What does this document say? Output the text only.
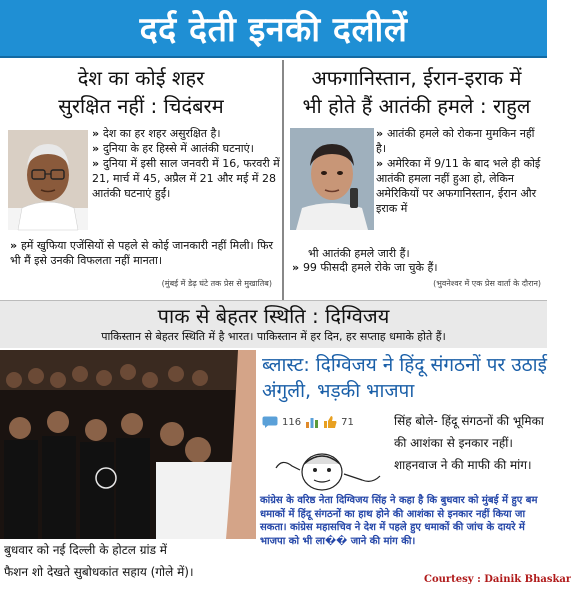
दर्द देती इनकी दलीलें
देश का कोई शहर
सुरक्षित नहीं : चिदंबरम
» देश का हर शहर असुरक्षित है।
» दुनिया के हर हिस्से में आतंकी घटनाएं।
» दुनिया में इसी साल जनवरी में 16, फरवरी में 21, मार्च में 45, अप्रैल में 21 और मई में 28 आतंकी घटनाएं हुईं।
» हमें खुफिया एजेंसियों से पहले से कोई जानकारी नहीं मिली। फिर भी मैं इसे उनकी विफलता नहीं मानता।
(मुंबई में डेढ़ घंटे तक प्रेस से मुखातिब)
अफगानिस्तान, ईरान-इराक में
भी होते हैं आतंकी हमले : राहुल
» आतंकी हमले को रोकना मुमकिन नहीं है।
» अमेरिका में 9/11 के बाद भले ही कोई आतंकी हमला नहीं हुआ हो, लेकिन अमेरिकियों पर अफगानिस्तान, ईरान और इराक में
भी आतंकी हमले जारी हैं।
» 99 फीसदी हमले रोके जा चुके हैं।
(भुवनेश्वर में एक प्रेस वार्ता के दौरान)
पाक से बेहतर स्थिति : दिग्विजय
पाकिस्तान से बेहतर स्थिति में है भारत। पाकिस्तान में हर दिन, हर सप्ताह धमाके होते हैं।
बुधवार को नई दिल्ली के होटल ग्रांड में
फैशन शो देखते सुबोधकांत सहाय (गोले में)।
ब्लास्ट: दिग्विजय ने हिंदू संगठनों पर उठाई अंगुली, भड़की भाजपा
116	71	सिंह बोले- हिंदू संगठनों की भूमिका की आशंका से इनकार नहीं। शाहनवाज ने की माफी की मांग।
कांग्रेस के वरिष्ठ नेता दिग्विजय सिंह ने कहा है कि बुधवार को मुंबई में हुए बम धमाकों में हिंदू संगठनों का हाथ होने की आशंका से इनकार नहीं किया जा सकता। कांग्रेस महासचिव ने देश में पहले हुए धमाकों की जांच के दायरे में भाजपा को भी ला�� जाने की मांग की।
Courtesy : Dainik Bhaskar
